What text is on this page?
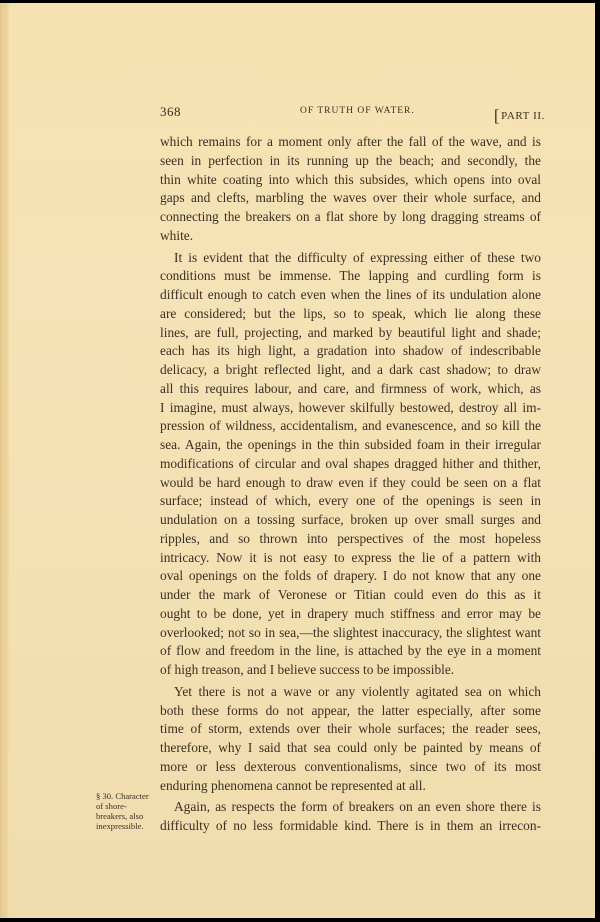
368	OF TRUTH OF WATER.	[PART II.
which remains for a moment only after the fall of the wave, and is
seen in perfection in its running up the beach; and secondly, the
thin white coating into which this subsides, which opens into oval
gaps and clefts, marbling the waves over their whole surface, and
connecting the breakers on a flat shore by long dragging streams of
white.
It is evident that the difficulty of expressing either of these two
conditions must be immense. The lapping and curdling form is
difficult enough to catch even when the lines of its undulation alone
are considered; but the lips, so to speak, which lie along these
lines, are full, projecting, and marked by beautiful light and shade;
each has its high light, a gradation into shadow of indescribable
delicacy, a bright reflected light, and a dark cast shadow; to draw
all this requires labour, and care, and firmness of work, which, as
I imagine, must always, however skilfully bestowed, destroy all im-
pression of wildness, accidentalism, and evanescence, and so kill the
sea. Again, the openings in the thin subsided foam in their irregular
modifications of circular and oval shapes dragged hither and thither,
would be hard enough to draw even if they could be seen on a flat
surface; instead of which, every one of the openings is seen in
undulation on a tossing surface, broken up over small surges and
ripples, and so thrown into perspectives of the most hopeless
intricacy. Now it is not easy to express the lie of a pattern with
oval openings on the folds of drapery. I do not know that any one
under the mark of Veronese or Titian could even do this as it
ought to be done, yet in drapery much stiffness and error may be
overlooked; not so in sea,—the slightest inaccuracy, the slightest want
of flow and freedom in the line, is attached by the eye in a moment
of high treason, and I believe success to be impossible.
Yet there is not a wave or any violently agitated sea on which
both these forms do not appear, the latter especially, after some
time of storm, extends over their whole surfaces; the reader sees,
therefore, why I said that sea could only be painted by means of
more or less dexterous conventionalisms, since two of its most
enduring phenomena cannot be represented at all.
Again, as respects the form of breakers on an even shore there is
difficulty of no less formidable kind. There is in them an irrecon-
§ 30. Character
of shore-
breakers, also
inexpressible.
